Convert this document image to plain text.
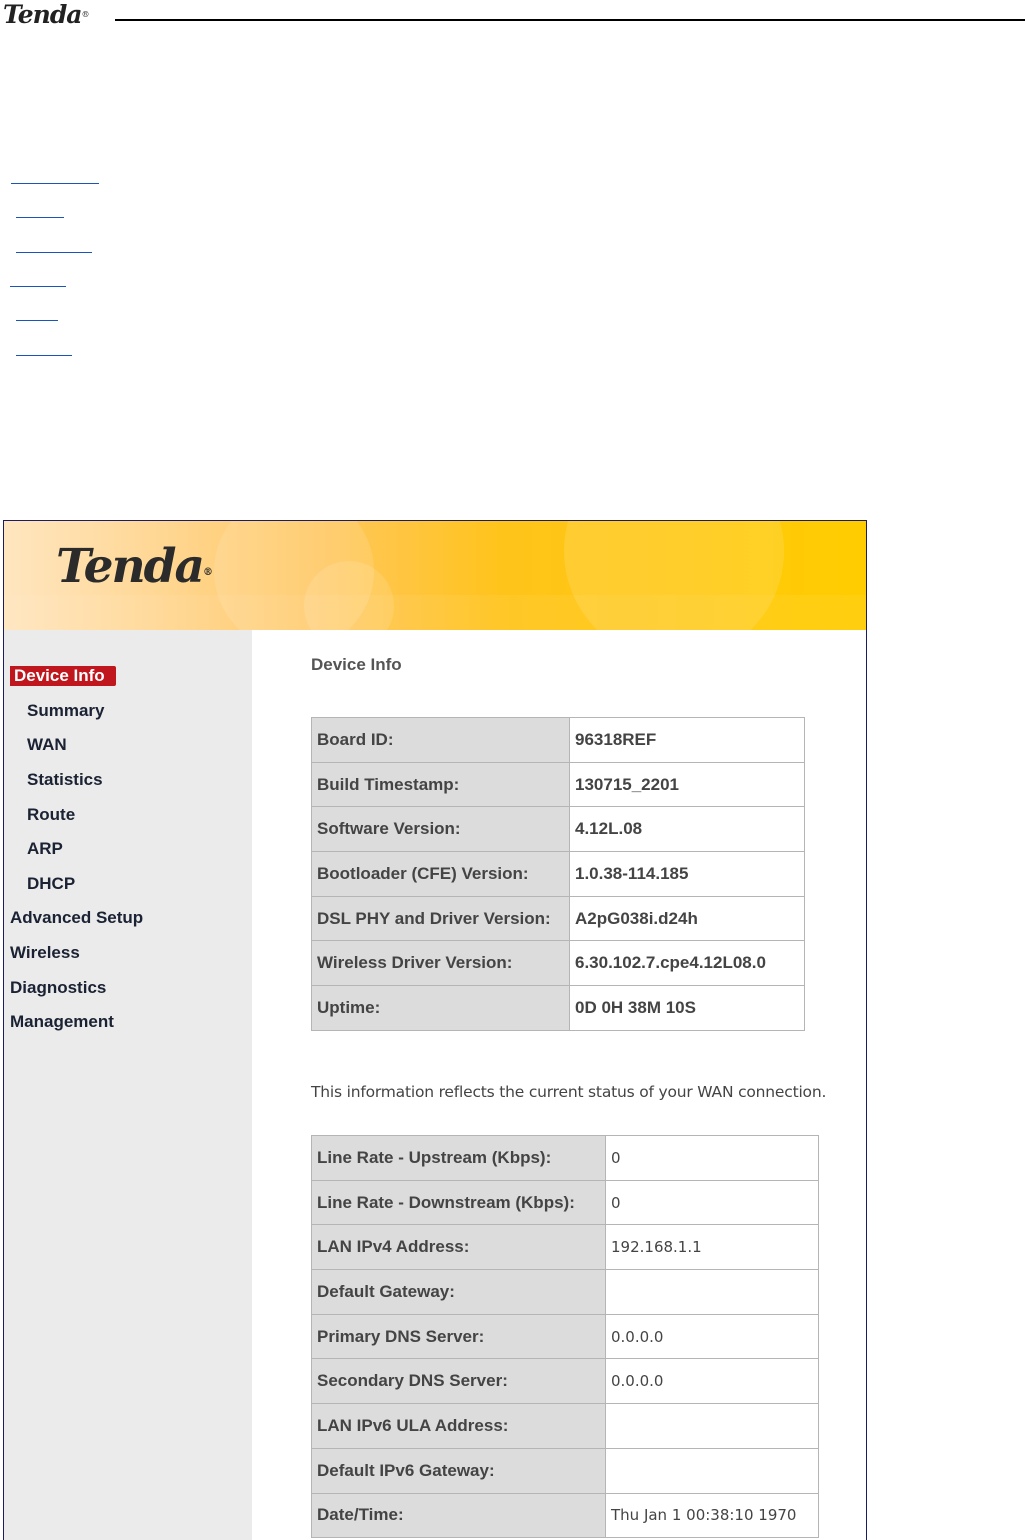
Tenda®
Tenda®
Device Info
Summary
WAN
Statistics
Route
ARP
DHCP
Advanced Setup
Wireless
Diagnostics
Management
Device Info
Board ID:	96318REF
Build Timestamp:	130715_2201
Software Version:	4.12L.08
Bootloader (CFE) Version:	1.0.38-114.185
DSL PHY and Driver Version:	A2pG038i.d24h
Wireless Driver Version:	6.30.102.7.cpe4.12L08.0
Uptime:	0D 0H 38M 10S
This information reflects the current status of your WAN connection.
Line Rate - Upstream (Kbps):	0
Line Rate - Downstream (Kbps):	0
LAN IPv4 Address:	192.168.1.1
Default Gateway:	
Primary DNS Server:	0.0.0.0
Secondary DNS Server:	0.0.0.0
LAN IPv6 ULA Address:	
Default IPv6 Gateway:	
Date/Time:	Thu Jan 1 00:38:10 1970
